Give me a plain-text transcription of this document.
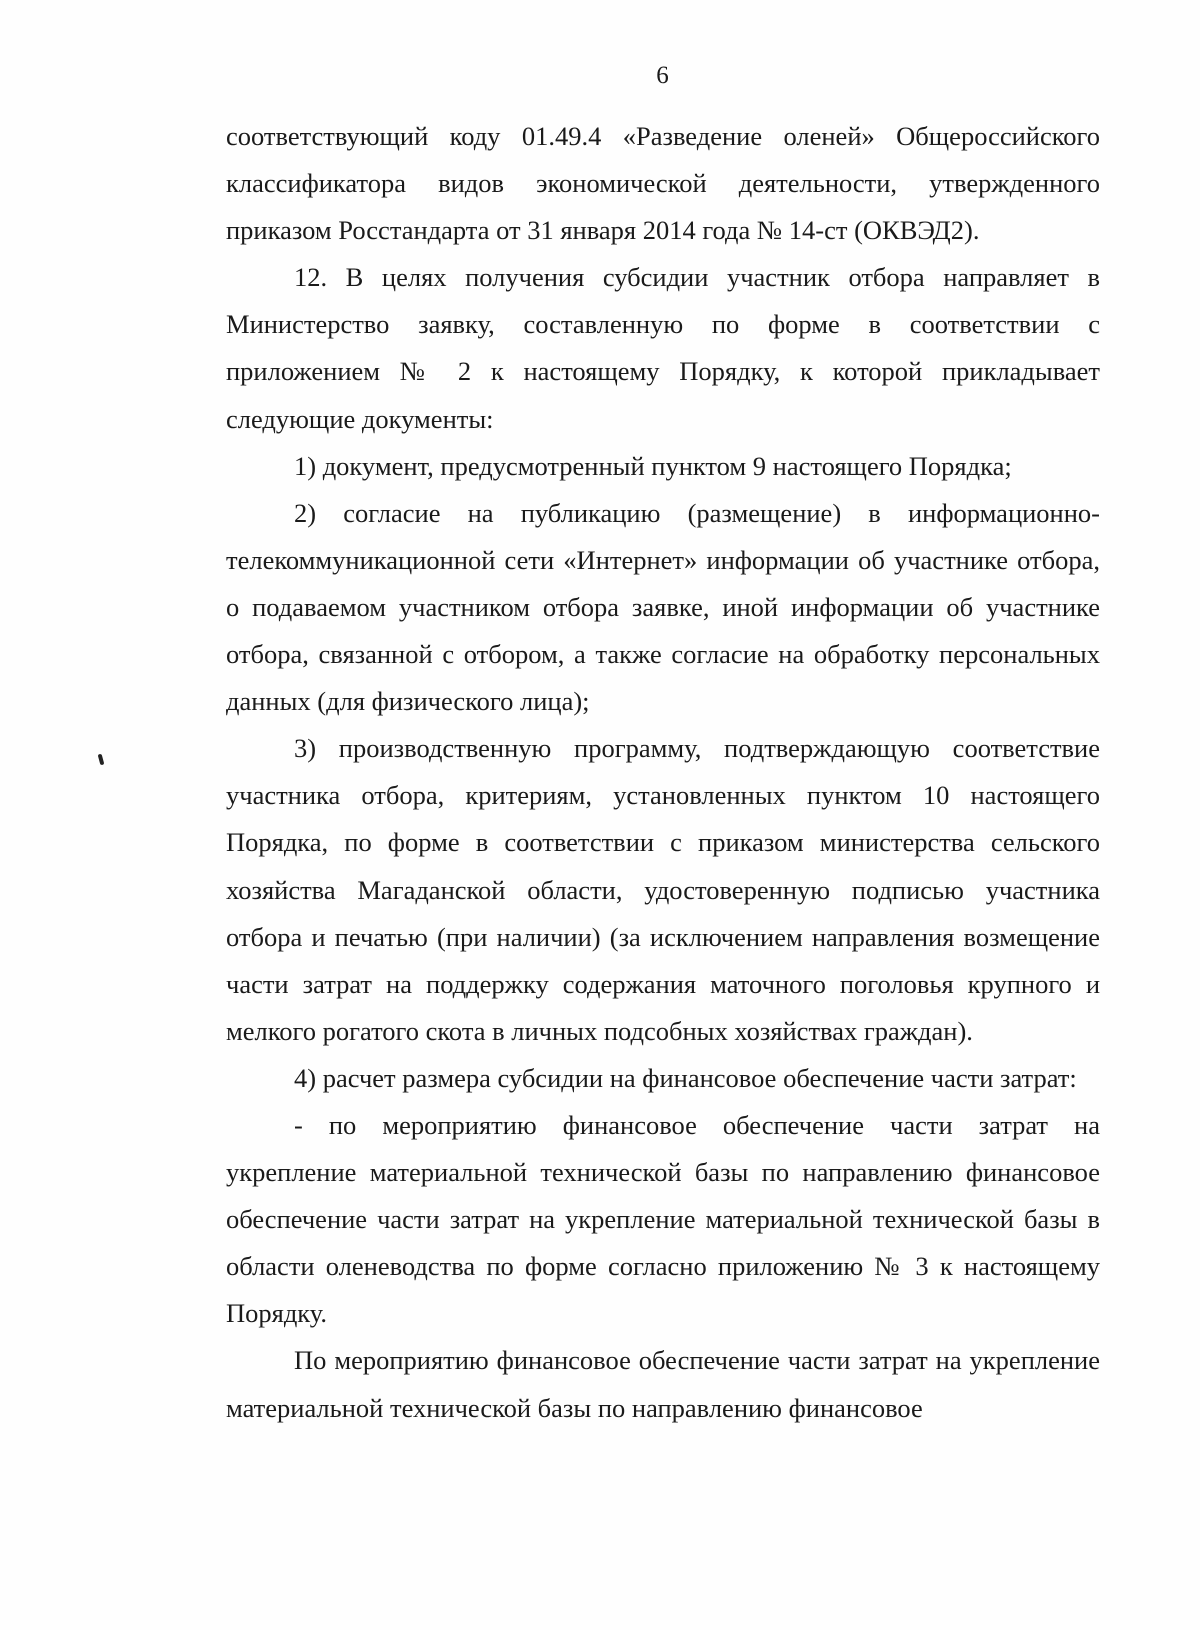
6

соответствующий коду 01.49.4 «Разведение оленей» Общероссийского классификатора видов экономической деятельности, утвержденного приказом Росстандарта от 31 января 2014 года № 14-ст (ОКВЭД2).

12. В целях получения субсидии участник отбора направляет в Министерство заявку, составленную по форме в соответствии с приложением № 2 к настоящему Порядку, к которой прикладывает следующие документы:

1) документ, предусмотренный пунктом 9 настоящего Порядка;

2) согласие на публикацию (размещение) в информационно-телекоммуникационной сети «Интернет» информации об участнике отбора, о подаваемом участником отбора заявке, иной информации об участнике отбора, связанной с отбором, а также согласие на обработку персональных данных (для физического лица);

3) производственную программу, подтверждающую соответствие участника отбора, критериям, установленных пунктом 10 настоящего Порядка, по форме в соответствии с приказом министерства сельского хозяйства Магаданской области, удостоверенную подписью участника отбора и печатью (при наличии) (за исключением направления возмещение части затрат на поддержку содержания маточного поголовья крупного и мелкого рогатого скота в личных подсобных хозяйствах граждан).

4) расчет размера субсидии на финансовое обеспечение части затрат:

- по мероприятию финансовое обеспечение части затрат на укрепление материальной технической базы по направлению финансовое обеспечение части затрат на укрепление материальной технической базы в области оленеводства по форме согласно приложению № 3 к настоящему Порядку.

По мероприятию финансовое обеспечение части затрат на укрепление материальной технической базы по направлению финансовое
